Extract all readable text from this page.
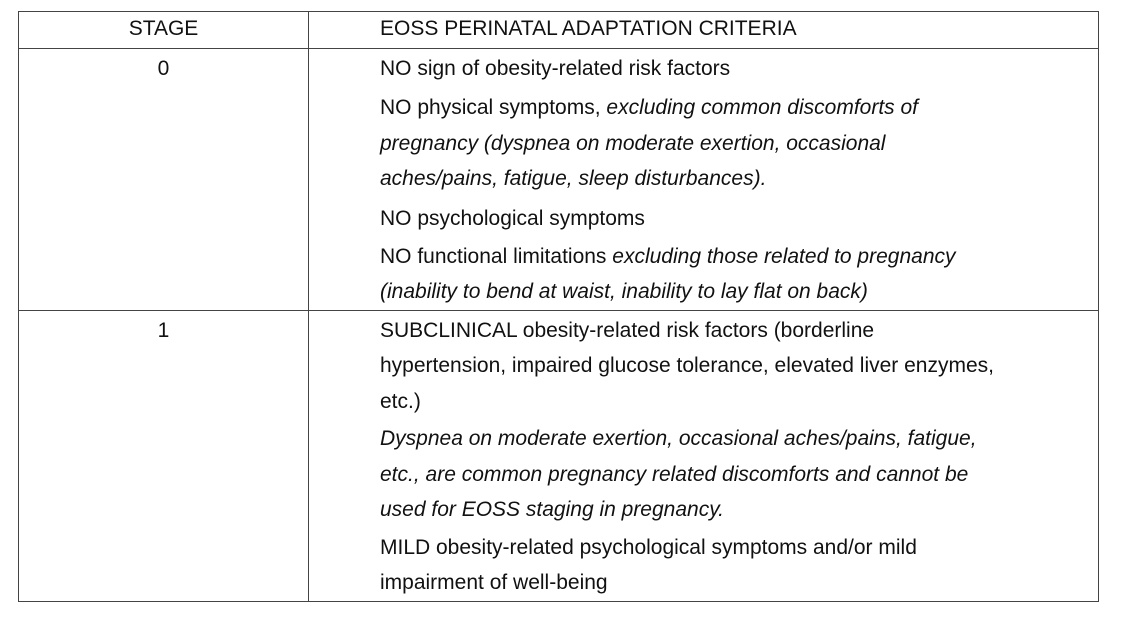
STAGE	EOSS PERINATAL ADAPTATION CRITERIA
0	NO sign of obesity-related risk factors

NO physical symptoms, excluding common discomforts of pregnancy (dyspnea on moderate exertion, occasional aches/pains, fatigue, sleep disturbances).

NO psychological symptoms

NO functional limitations excluding those related to pregnancy (inability to bend at waist, inability to lay flat on back)

1	SUBCLINICAL obesity-related risk factors (borderline hypertension, impaired glucose tolerance, elevated liver enzymes, etc.)

Dyspnea on moderate exertion, occasional aches/pains, fatigue, etc., are common pregnancy related discomforts and cannot be used for EOSS staging in pregnancy.

MILD obesity-related psychological symptoms and/or mild impairment of well-being
